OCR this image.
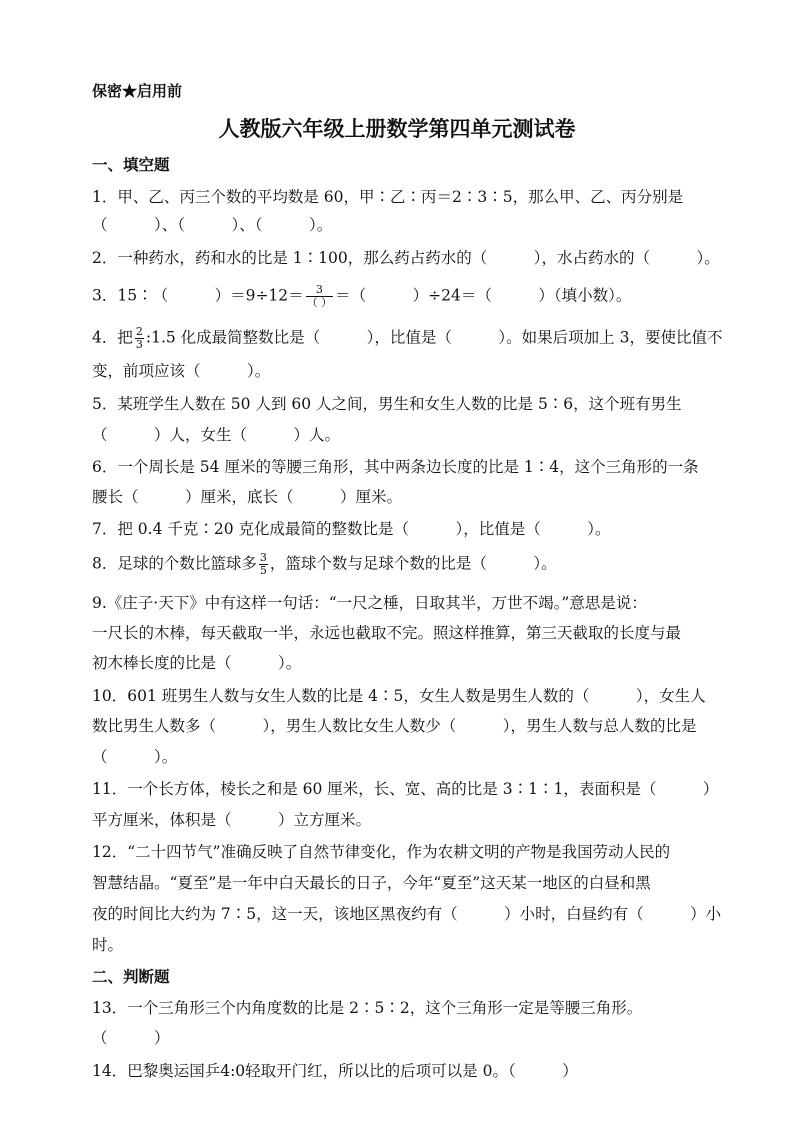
保密★启用前
人教版六年级上册数学第四单元测试卷
一、填空题
1．甲、乙、丙三个数的平均数是 60，甲∶乙∶丙＝2∶3∶5，那么甲、乙、丙分别是
（　　　）、（　　　）、（　　　）。
2．一种药水，药和水的比是 1∶100，那么药占药水的（　　　），水占药水的（　　　）。
3．15∶（　　　）$=9\div 12= \frac{3}{( )}$ ＝（　　　）÷24＝（　　　）（填小数）。
4．把 $\frac{2}{3}$ :1.5 化成最简整数比是（　　　），比值是（　　　）。如果后项加上 3，要使比值不
变，前项应该（　　　）。
5．某班学生人数在 50 人到 60 人之间，男生和女生人数的比是 5∶6，这个班有男生
（　　　）人，女生（　　　）人。
6．一个周长是 54 厘米的等腰三角形，其中两条边长度的比是 1∶4，这个三角形的一条
腰长（　　　）厘米，底长（　　　）厘米。
7．把 0.4 千克∶20 克化成最简的整数比是（　　　），比值是（　　　）。
8．足球的个数比篮球多 $\frac{3}{5}$ ，篮球个数与足球个数的比是（　　　）。
9.《庄子·天下》中有这样一句话：“一尺之棰，日取其半，万世不竭。”意思是说：
一尺长的木棒，每天截取一半，永远也截取不完。照这样推算，第三天截取的长度与最
初木棒长度的比是（　　　）。
10．601 班男生人数与女生人数的比是 4∶5，女生人数是男生人数的（　　　），女生人
数比男生人数多（　　　），男生人数比女生人数少（　　　），男生人数与总人数的比是
（　　　）。
11．一个长方体，棱长之和是 60 厘米，长、宽、高的比是 3∶1∶1，表面积是（　　　）
平方厘米，体积是（　　　）立方厘米。
12．“二十四节气”准确反映了自然节律变化，作为农耕文明的产物是我国劳动人民的
智慧结晶。“夏至”是一年中白天最长的日子，今年“夏至”这天某一地区的白昼和黑
夜的时间比大约为 7∶5，这一天，该地区黑夜约有（　　　）小时，白昼约有（　　　）小
时。
二、判断题
13．一个三角形三个内角度数的比是 2∶5∶2，这个三角形一定是等腰三角形。
（　　　）
14．巴黎奥运国乒4:0轻取开门红，所以比的后项可以是 0。（　　　）
